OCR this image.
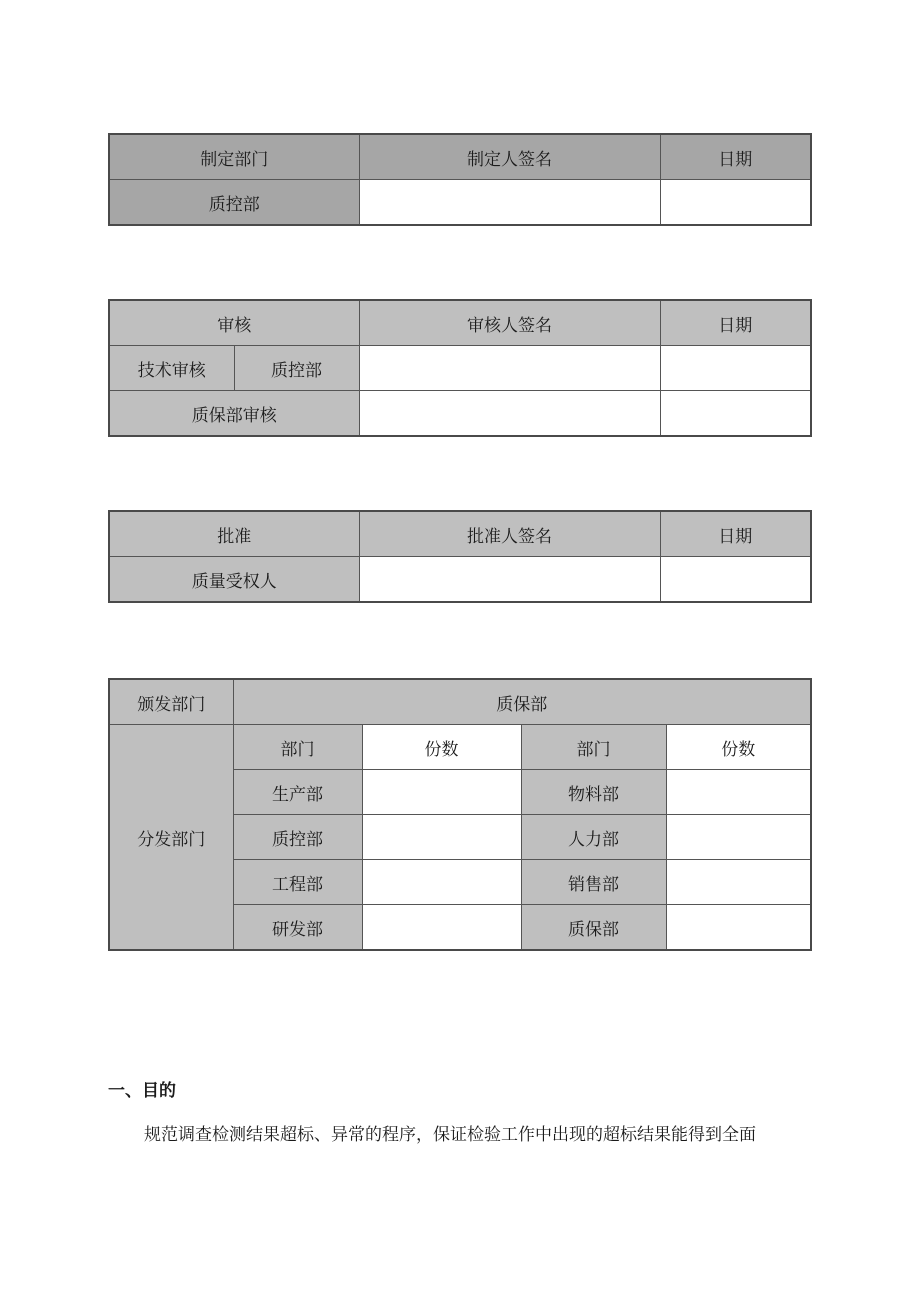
制定部门	制定人签名	日期
质控部		
审核		审核人签名	日期
技术审核	质控部		
质保部审核			
批准	批准人签名	日期
质量受权人		
颁发部门	质保部			
分发部门	部门	份数	部门	份数
	生产部		物料部	
	质控部		人力部	
	工程部		销售部	
	研发部		质保部	
一、目的

规范调查检测结果超标、异常的程序，保证检验工作中出现的超标结果能得到全面
